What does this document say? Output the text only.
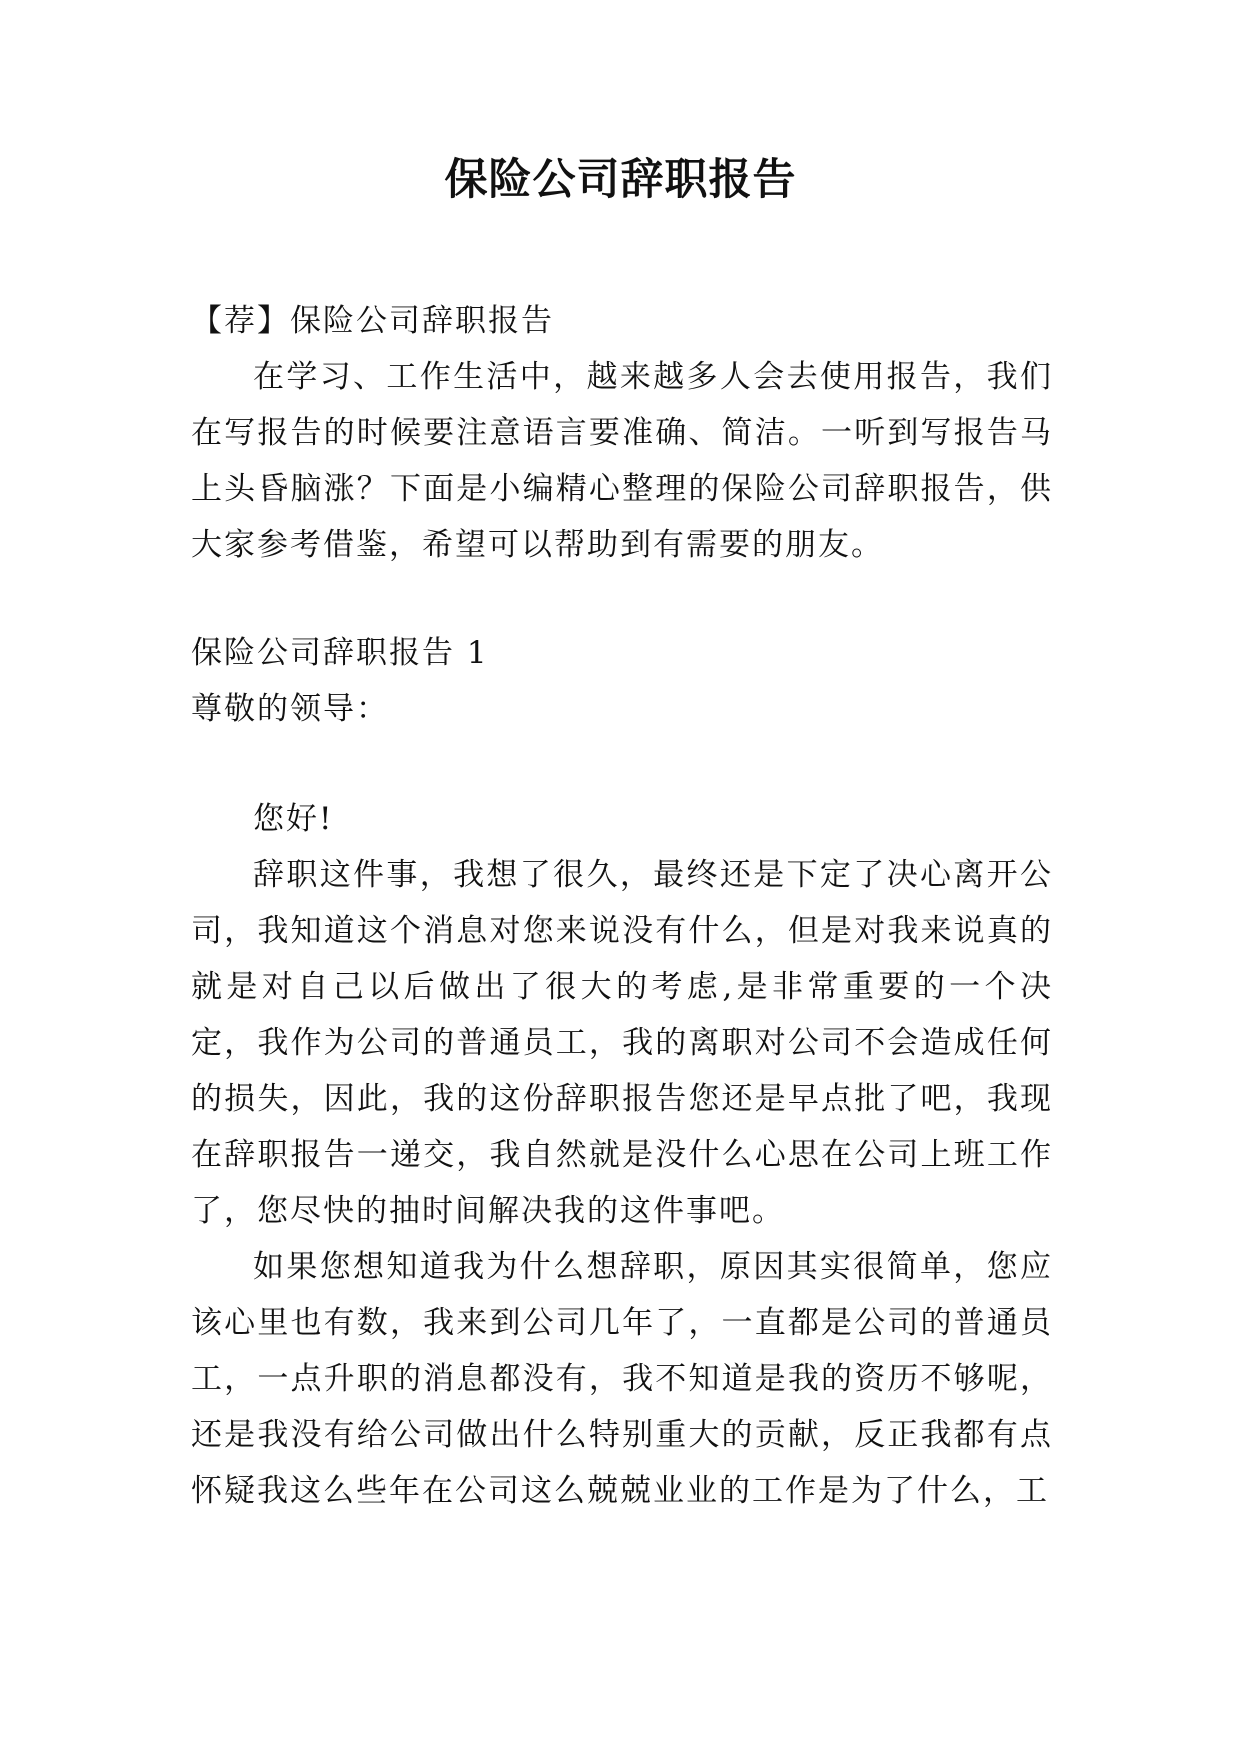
保险公司辞职报告

【荐】保险公司辞职报告

在学习、工作生活中，越来越多人会去使用报告，我们在写报告的时候要注意语言要准确、简洁。一听到写报告马上头昏脑涨？下面是小编精心整理的保险公司辞职报告，供大家参考借鉴，希望可以帮助到有需要的朋友。

保险公司辞职报告 1

尊敬的领导：

您好!

辞职这件事，我想了很久，最终还是下定了决心离开公司，我知道这个消息对您来说没有什么，但是对我来说真的就是对自己以后做出了很大的考虑,是非常重要的一个决定，我作为公司的普通员工，我的离职对公司不会造成任何的损失，因此，我的这份辞职报告您还是早点批了吧，我现在辞职报告一递交，我自然就是没什么心思在公司上班工作了，您尽快的抽时间解决我的这件事吧。

如果您想知道我为什么想辞职，原因其实很简单，您应该心里也有数，我来到公司几年了，一直都是公司的普通员工，一点升职的消息都没有，我不知道是我的资历不够呢，还是我没有给公司做出什么特别重大的贡献，反正我都有点怀疑我这么些年在公司这么兢兢业业的工作是为了什么，工
